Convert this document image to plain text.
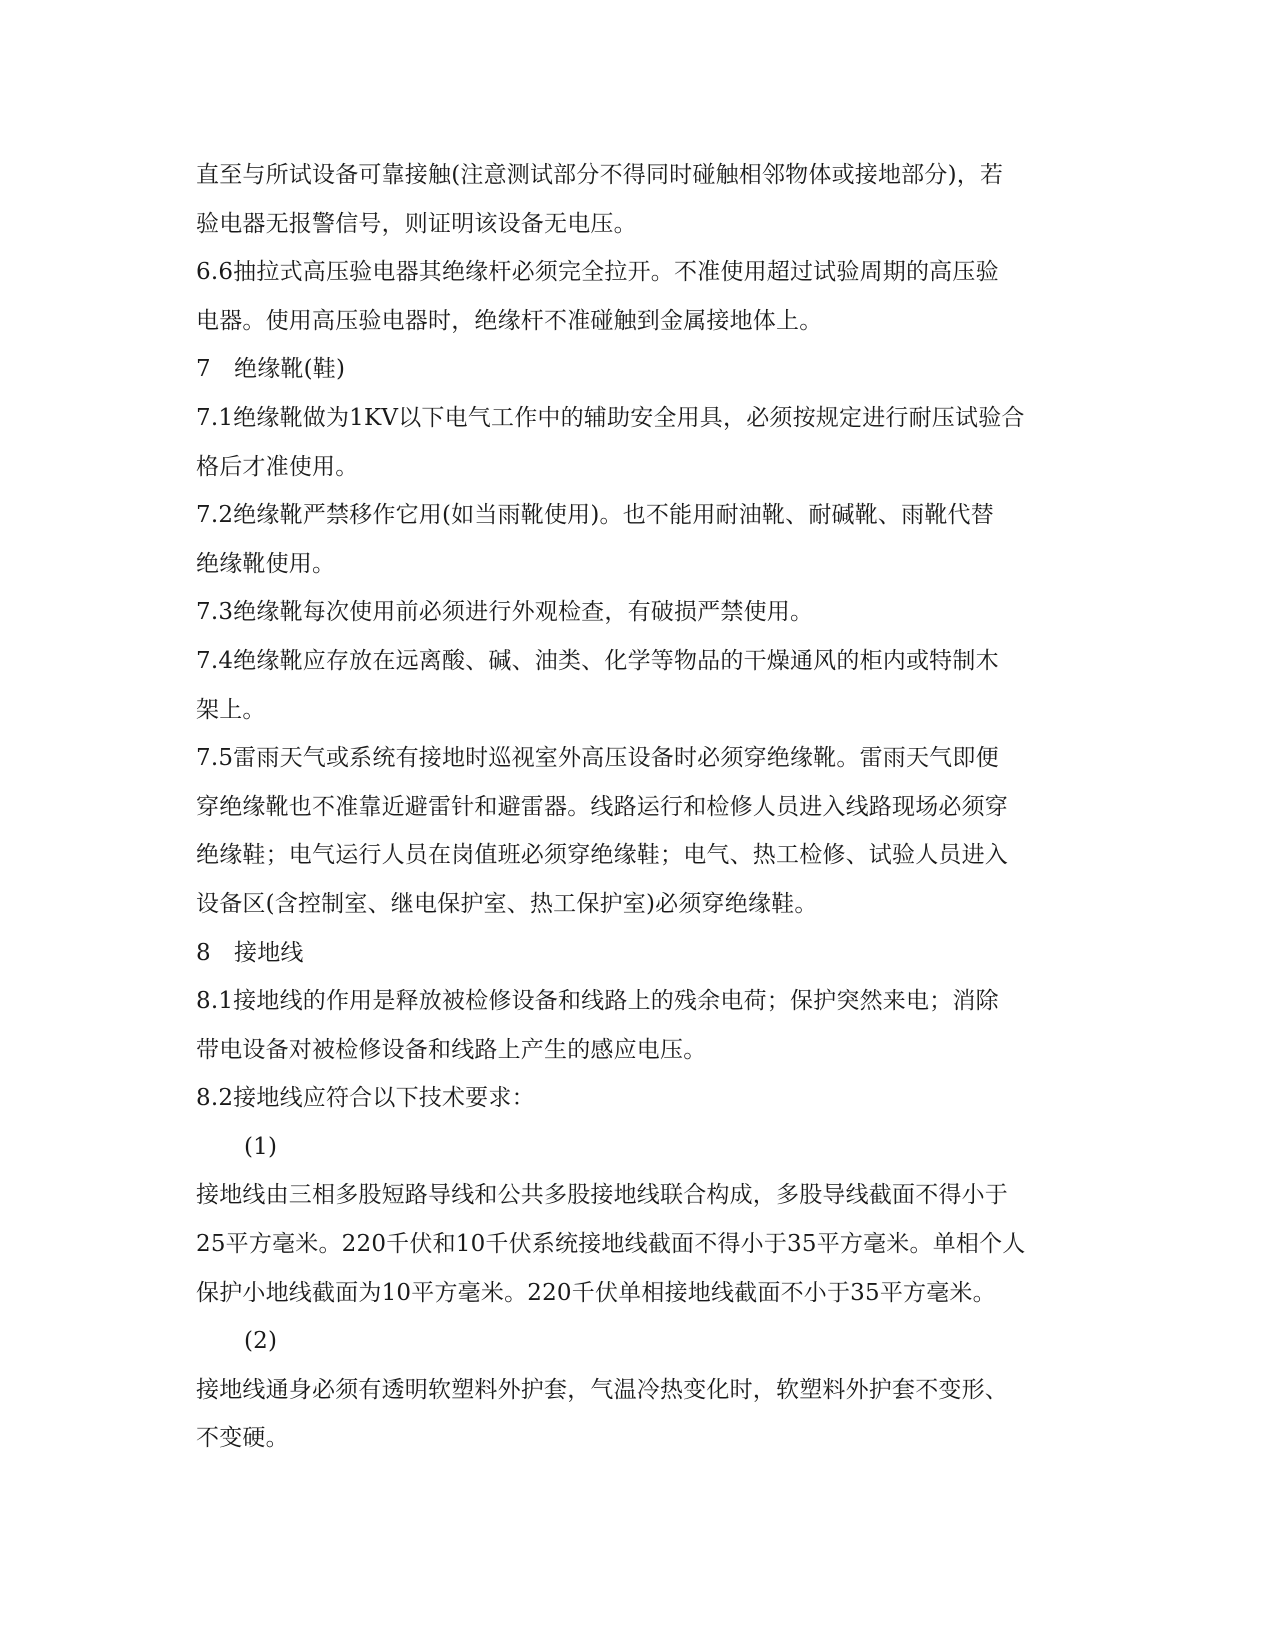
直至与所试设备可靠接触(注意测试部分不得同时碰触相邻物体或接地部分)，若
验电器无报警信号，则证明该设备无电压。
6.6抽拉式高压验电器其绝缘杆必须完全拉开。不准使用超过试验周期的高压验
电器。使用高压验电器时，绝缘杆不准碰触到金属接地体上。
7　绝缘靴(鞋)
7.1绝缘靴做为1KV以下电气工作中的辅助安全用具，必须按规定进行耐压试验合
格后才准使用。
7.2绝缘靴严禁移作它用(如当雨靴使用)。也不能用耐油靴、耐碱靴、雨靴代替
绝缘靴使用。
7.3绝缘靴每次使用前必须进行外观检查，有破损严禁使用。
7.4绝缘靴应存放在远离酸、碱、油类、化学等物品的干燥通风的柜内或特制木
架上。
7.5雷雨天气或系统有接地时巡视室外高压设备时必须穿绝缘靴。雷雨天气即便
穿绝缘靴也不准靠近避雷针和避雷器。线路运行和检修人员进入线路现场必须穿
绝缘鞋；电气运行人员在岗值班必须穿绝缘鞋；电气、热工检修、试验人员进入
设备区(含控制室、继电保护室、热工保护室)必须穿绝缘鞋。
8　接地线
8.1接地线的作用是释放被检修设备和线路上的残余电荷；保护突然来电；消除
带电设备对被检修设备和线路上产生的感应电压。
8.2接地线应符合以下技术要求：
(1)
接地线由三相多股短路导线和公共多股接地线联合构成，多股导线截面不得小于
25平方毫米。220千伏和10千伏系统接地线截面不得小于35平方毫米。单相个人
保护小地线截面为10平方毫米。220千伏单相接地线截面不小于35平方毫米。
(2)
接地线通身必须有透明软塑料外护套，气温冷热变化时，软塑料外护套不变形、
不变硬。
